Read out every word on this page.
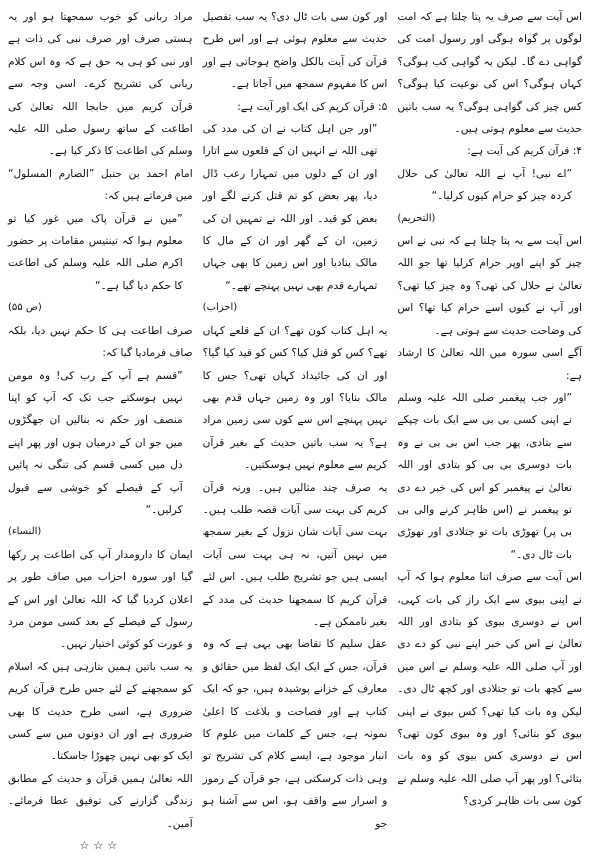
اس آیت سے صرف یہ پتا چلتا ہے کہ امت لوگوں پر گواہ ہوگی اور رسول امت کی گواہی دے گا۔ لیکن یہ گواہی کب ہوگی؟ کہاں ہوگی؟ اس کی نوعیت کیا ہوگی؟ کس چیز کی گواہی ہوگی؟ یہ سب باتیں حدیث سے معلوم ہوتی ہیں۔

۴: قرآن کریم کی آیت ہے:

”اے نبی! آپ نے اللہ تعالیٰ کی حلال کردہ چیز کو حرام کیوں کرلیا۔“

(التحریم)

اس آیت سے یہ پتا چلتا ہے کہ نبی نے اس چیز کو اپنے اوپر حرام کرلیا تھا جو اللہ تعالیٰ نے حلال کی تھی؟ وہ چیز کیا تھی؟ اور آپ نے کیوں اسے حرام کیا تھا؟ اس کی وضاحت حدیث سے ہوتی ہے۔

آگے اسی سورہ میں اللہ تعالیٰ کا ارشاد ہے:

”اور جب پیغمبر صلی اللہ علیہ وسلم نے اپنی کسی بی بی سے ایک بات چپکے سے بتادی، پھر جب اس بی بی نے وہ بات دوسری بی بی کو بتادی اور اللہ تعالیٰ نے پیغمبر کو اس کی خبر دے دی تو پیغمبر نے (اس ظاہر کرنے والی بی بی پر) تھوڑی بات تو جتلادی اور تھوڑی بات ٹال دی۔“

اس آیت سے صرف اتنا معلوم ہوا کہ آپ نے اپنی بیوی سے ایک راز کی بات کہی، اس نے دوسری بیوی کو بتادی اور اللہ تعالیٰ نے اس کی خبر اپنے نبی کو دے دی اور آپ صلی اللہ علیہ وسلم نے اس میں سے کچھ بات تو جتلادی اور کچھ ٹال دی۔ لیکن وہ بات کیا تھی؟ کس بیوی نے اپنی بیوی کو بتائی؟ اور وہ بیوی کون تھی؟ اس نے دوسری کس بیوی کو وہ بات بتائی؟ اور پھر آپ صلی اللہ علیہ وسلم نے کون سی بات ظاہر کردی؟

اور کون سی بات ٹال دی؟ یہ سب تفصیل حدیث سے معلوم ہوئی ہے اور اس طرح قرآن کی آیت بالکل واضح ہوجاتی ہے اور اس کا مفہوم سمجھ میں آجاتا ہے۔

۵: قرآن کریم کی ایک اور آیت ہے:

”اور جن اہل کتاب نے ان کی مدد کی تھی اللہ نے انہیں ان کے قلعوں سے اتارا اور ان کے دلوں میں تمہارا رعب ڈال دیا، پھر بعض کو تم قتل کرنے لگے اور بعض کو قید۔ اور اللہ نے تمہیں ان کی زمین، ان کے گھر اور ان کے مال کا مالک بنادیا اور اس زمین کا بھی جہاں تمہارے قدم بھی نہیں پہنچے تھے۔“

(احزاب)

یہ اہل کتاب کون تھے؟ ان کے قلعے کہاں تھے؟ کس کو قتل کیا؟ کس کو قید کیا گیا؟ اور ان کی جائیداد کہاں تھی؟ جس کا مالک بنایا؟ اور وہ زمین جہاں قدم بھی نہیں پہنچے اس سے کون سی زمین مراد ہے؟ یہ سب باتیں حدیث کے بغیر قرآن کریم سے معلوم نہیں ہوسکتیں۔

یہ صرف چند مثالیں ہیں۔ ورنہ قرآن کریم کی بہت سی آیات قصہ طلب ہیں۔ بہت سی آیات شان نزول کے بغیر سمجھ میں نہیں آتیں، نہ ہی بہت سی آیات ایسی ہیں جو تشریح طلب ہیں۔ اس لئے قرآن کریم کا سمجھنا حدیث کی مدد کے بغیر ناممکن ہے۔

عقل سلیم کا تقاضا بھی یہی ہے کہ وہ قرآن، جس کے ایک ایک لفظ میں حقائق و معارف کے خزانے پوشیدہ ہیں، جو کہ ایک کتاب ہے اور فصاحت و بلاغت کا اعلیٰ نمونہ ہے، جس کے کلمات میں علوم کا انبار موجود ہے، ایسے کلام کی تشریح تو وہی ذات کرسکتی ہے، جو قرآن کے رموز و اسرار سے واقف ہو، اس سے آشنا ہو جو

مراد ربانی کو خوب سمجھتا ہو اور یہ ہستی صرف اور صرف نبی کی ذات ہے اور نبی کو ہی یہ حق ہے کہ وہ اس کلام ربانی کی تشریح کرے۔ اسی وجہ سے قرآن کریم میں جابجا اللہ تعالیٰ کی اطاعت کے ساتھ رسول صلی اللہ علیہ وسلم کی اطاعت کا ذکر کیا ہے۔

امام احمد بن حنبل ”الصارم المسلول“ میں فرماتے ہیں کہ:

”میں نے قرآن پاک میں غور کیا تو معلوم ہوا کہ تینتیس مقامات پر حضور اکرم صلی اللہ علیہ وسلم کی اطاعت کا حکم دیا گیا ہے۔“

(ص ۵۵)

صرف اطاعت ہی کا حکم نہیں دیا، بلکہ صاف فرمادیا گیا کہ:

”قسم ہے آپ کے رب کی! وہ مومن نہیں ہوسکتے جب تک کہ آپ کو اپنا منصف اور حکم نہ بنالیں ان جھگڑوں میں جو ان کے درمیان ہوں اور پھر اپنے دل میں کسی قسم کی تنگی نہ پائیں آپ کے فیصلے کو خوشی سے قبول کرلیں۔“

(النساء)

ایمان کا دارومدار آپ کی اطاعت پر رکھا گیا اور سورہ احزاب میں صاف طور پر اعلان کردیا گیا کہ اللہ تعالیٰ اور اس کے رسول کے فیصلے کے بعد کسی مومن مرد و عورت کو کوئی اختیار نہیں۔

یہ سب باتیں ہمیں بتارہی ہیں کہ اسلام کو سمجھنے کے لئے جس طرح قرآن کریم ضروری ہے، اسی طرح حدیث کا بھی ضروری ہے اور ان دونوں میں سے کسی ایک کو بھی نہیں چھوڑا جاسکتا۔

اللہ تعالیٰ ہمیں قرآن و حدیث کے مطابق زندگی گزارنے کی توفیق عطا فرمائے۔ آمین۔

☆☆☆
